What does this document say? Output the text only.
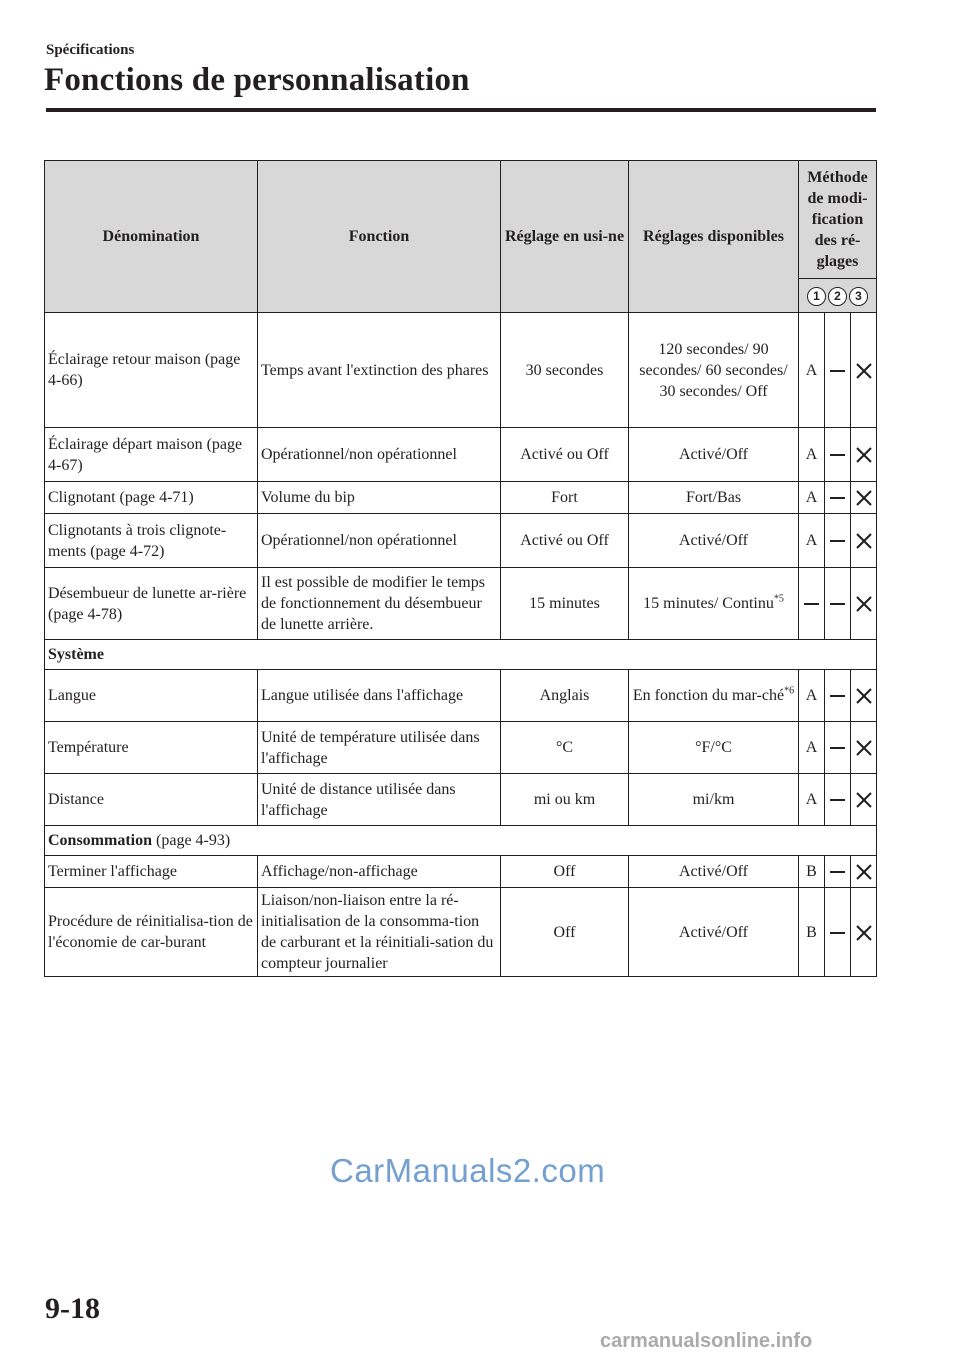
Spécifications
Fonctions de personnalisation
Dénomination	Fonction	Réglage en usi-ne	Réglages disponibles	Méthode de modi-fication des ré-glages		
				1 2 3		
Éclairage retour maison (page 4-66)	Temps avant l'extinction des phares	30 secondes	120 secondes/ 90 secondes/ 60 secondes/ 30 secondes/ Off	A		
Éclairage départ maison (page 4-67)	Opérationnel/non opérationnel	Activé ou Off	Activé/Off	A		
Clignotant (page 4-71)	Volume du bip	Fort	Fort/Bas	A		
Clignotants à trois clignote-ments (page 4-72)	Opérationnel/non opérationnel	Activé ou Off	Activé/Off	A		
Désembueur de lunette ar-rière (page 4-78)	Il est possible de modifier le temps de fonctionnement du désembueur de lunette arrière.	15 minutes	15 minutes/ Continu$^{*5}$			
Système						
Langue	Langue utilisée dans l'affichage	Anglais	En fonction du mar-ché$^{*6}$	A		
Température	Unité de température utilisée dans l'affichage	°C	°F/°C	A		
Distance	Unité de distance utilisée dans l'affichage	mi ou km	mi/km	A		
Consommation (page 4-93)						
Terminer l'affichage	Affichage/non-affichage	Off	Activé/Off	B		
Procédure de réinitialisa-tion de l'économie de car-burant	Liaison/non-liaison entre la ré-initialisation de la consomma-tion de carburant et la réinitiali-sation du compteur journalier	Off	Activé/Off	B		
9-18
CarManuals2.com
carmanualsonline.info
